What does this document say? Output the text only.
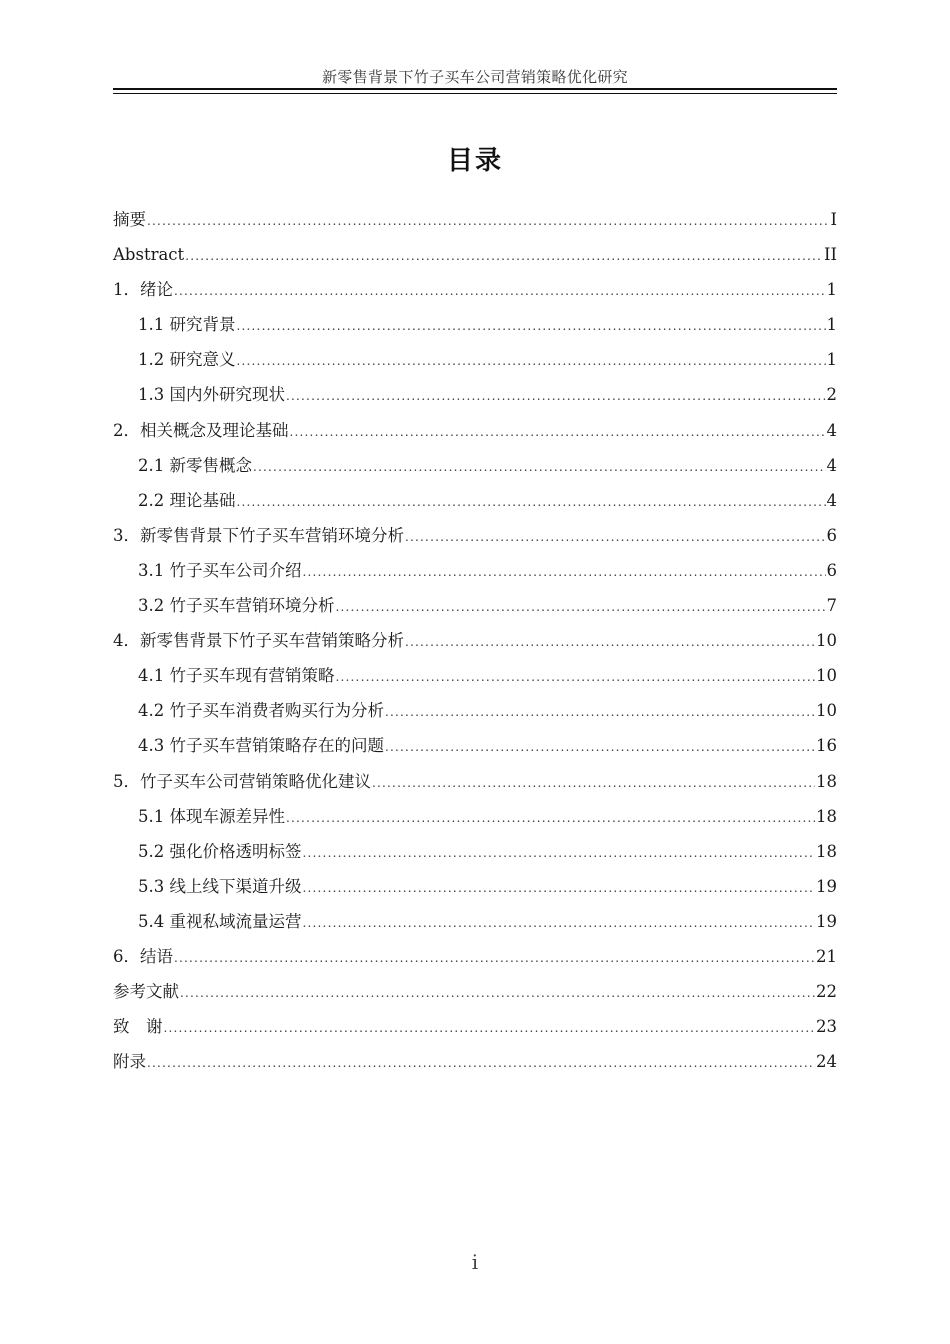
新零售背景下竹子买车公司营销策略优化研究
目录
摘要 .....	I
Abstract .....	II
1．绪论 .....	1
1.1 研究背景 .....	1
1.2 研究意义 .....	1
1.3 国内外研究现状 .....	2
2．相关概念及理论基础 .....	4
2.1 新零售概念 .....	4
2.2 理论基础 .....	4
3．新零售背景下竹子买车营销环境分析 .....	6
3.1 竹子买车公司介绍 .....	6
3.2 竹子买车营销环境分析 .....	7
4．新零售背景下竹子买车营销策略分析 .....	10
4.1 竹子买车现有营销策略 .....	10
4.2 竹子买车消费者购买行为分析 .....	10
4.3 竹子买车营销策略存在的问题 .....	16
5．竹子买车公司营销策略优化建议 .....	18
5.1 体现车源差异性 .....	18
5.2 强化价格透明标签 .....	18
5.3 线上线下渠道升级 .....	19
5.4 重视私域流量运营 .....	19
6．结语 .....	21
参考文献 .....	22
致　谢 .....	23
附录 .....	24
i
